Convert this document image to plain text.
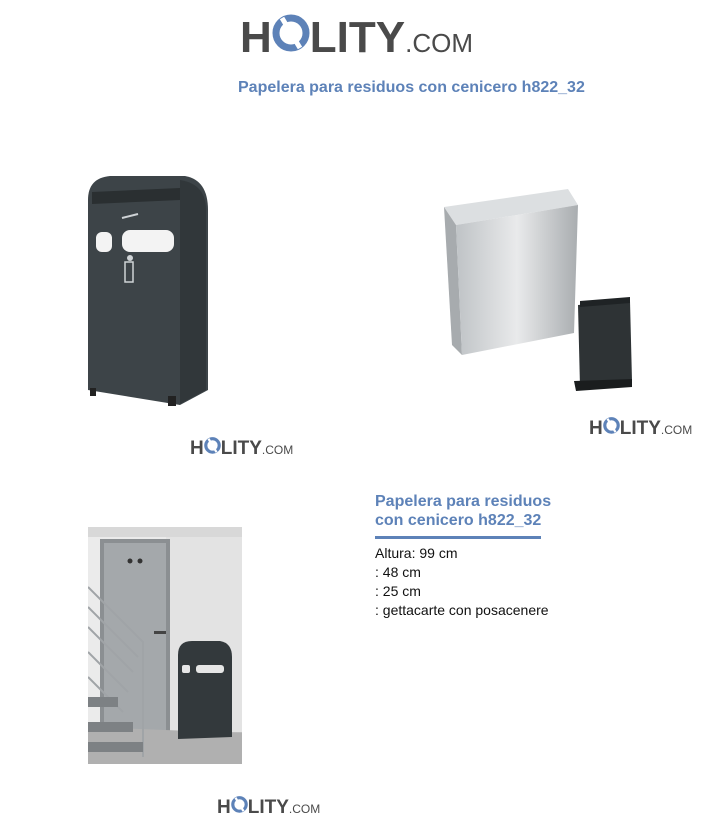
H LITY .COM
Papelera para residuos con cenicero h822_32
H LITY .COM
H LITY .COM
Papelera para residuos
con cenicero h822_32
Altura: 99 cm
: 48 cm
: 25 cm
: gettacarte con posacenere
H LITY .COM
